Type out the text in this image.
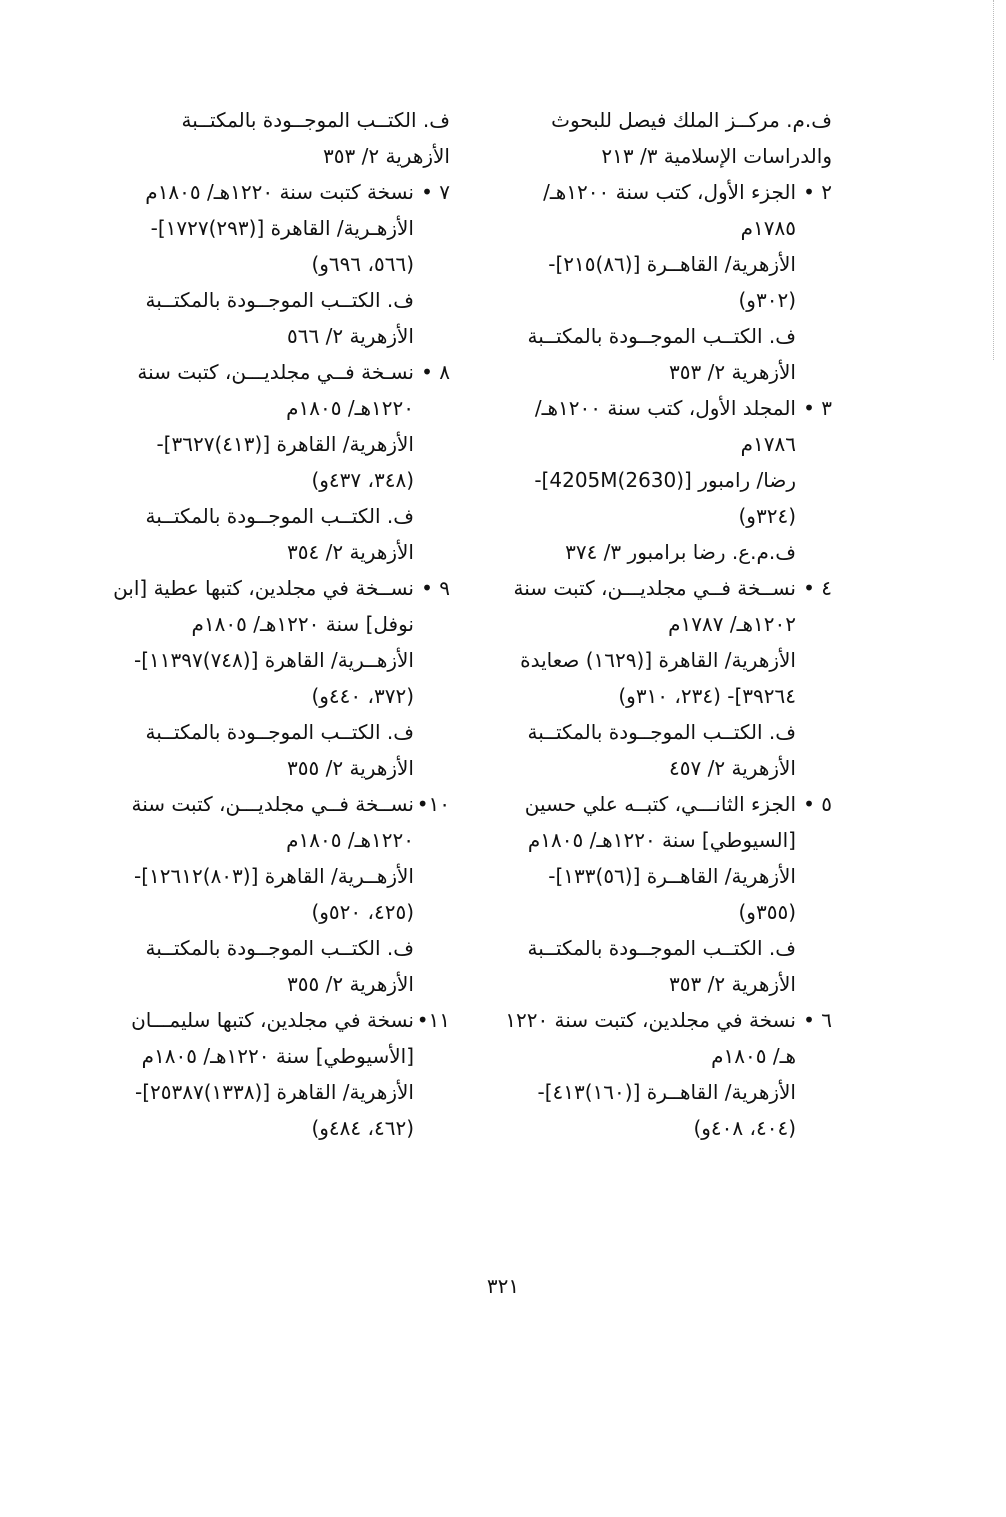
ف.م. مركــز الملك فيصل للبحوث
والدراسات الإسلامية ٣/ ٢١٣
٢ •
الجزء الأول، كتب سنة ١٢٠٠هـ/
١٧٨٥م
الأزهرية/ القاهــرة [(٨٦)٢١٥]-
(٣٠٢و)
ف. الكتــب الموجــودة بالمكتــبة
الأزهرية ٢/ ٣٥٣
٣ •
المجلد الأول، كتب سنة ١٢٠٠هـ/
١٧٨٦م
رضا/ رامبور [(2630)4205M]-
(٣٢٤و)
ف.م.ع. رضا برامبور ٣/ ٣٧٤
٤ •
نســخة فــي مجلديـــن، كتبت سنة
١٢٠٢هـ/ ١٧٨٧م
الأزهرية/ القاهرة [(١٦٢٩) صعايدة
٣٩٢٦٤]- (٢٣٤، ٣١٠و)
ف. الكتــب الموجــودة بالمكتــبة
الأزهرية ٢/ ٤٥٧
٥ •
الجزء الثانـــي، كتبــه علي حسين
[السيوطي] سنة ١٢٢٠هـ/ ١٨٠٥م
الأزهرية/ القاهــرة [(٥٦)١٣٣]-
(٣٥٥و)
ف. الكتــب الموجــودة بالمكتــبة
الأزهرية ٢/ ٣٥٣
٦ •
نسخة في مجلدين، كتبت سنة ١٢٢٠
هـ/ ١٨٠٥م
الأزهرية/ القاهــرة [(١٦٠)٤١٣]-
(٤٠٤، ٤٠٨و)
ف. الكتــب الموجــودة بالمكتــبة
الأزهرية ٢/ ٣٥٣
٧ •
نسخة كتبت سنة ١٢٢٠هـ/ ١٨٠٥م
الأزهـرية/ القاهرة [(٢٩٣)١٧٢٧]-
(٥٦٦، ٦٩٦و)
ف. الكتــب الموجــودة بالمكتــبة
الأزهرية ٢/ ٥٦٦
٨ •
نسـخة فــي مجلديـــن، كتبت سنة
١٢٢٠هـ/ ١٨٠٥م
الأزهرية/ القاهرة [(٤١٣)٣٦٢٧]-
(٣٤٨، ٤٣٧و)
ف. الكتــب الموجــودة بالمكتــبة
الأزهرية ٢/ ٣٥٤
٩ •
نســخة في مجلدين، كتبها عطية [ابن
نوفل] سنة ١٢٢٠هـ/ ١٨٠٥م
الأزهــرية/ القاهرة [(٧٤٨)١١٣٩٧]-
(٣٧٢، ٤٤٠و)
ف. الكتــب الموجــودة بالمكتــبة
الأزهرية ٢/ ٣٥٥
١٠•
نســخة فــي مجلديـــن، كتبت سنة
١٢٢٠هـ/ ١٨٠٥م
الأزهــرية/ القاهرة [(٨٠٣)١٢٦١٢]-
(٤٢٥، ٥٢٠و)
ف. الكتــب الموجــودة بالمكتــبة
الأزهرية ٢/ ٣٥٥
١١•
نسخة في مجلدين، كتبها سليمـــان
[الأسيوطي] سنة ١٢٢٠هـ/ ١٨٠٥م
الأزهرية/ القاهرة [(١٣٣٨)٢٥٣٨٧]-
(٤٦٢، ٤٨٤و)
٣٢١
